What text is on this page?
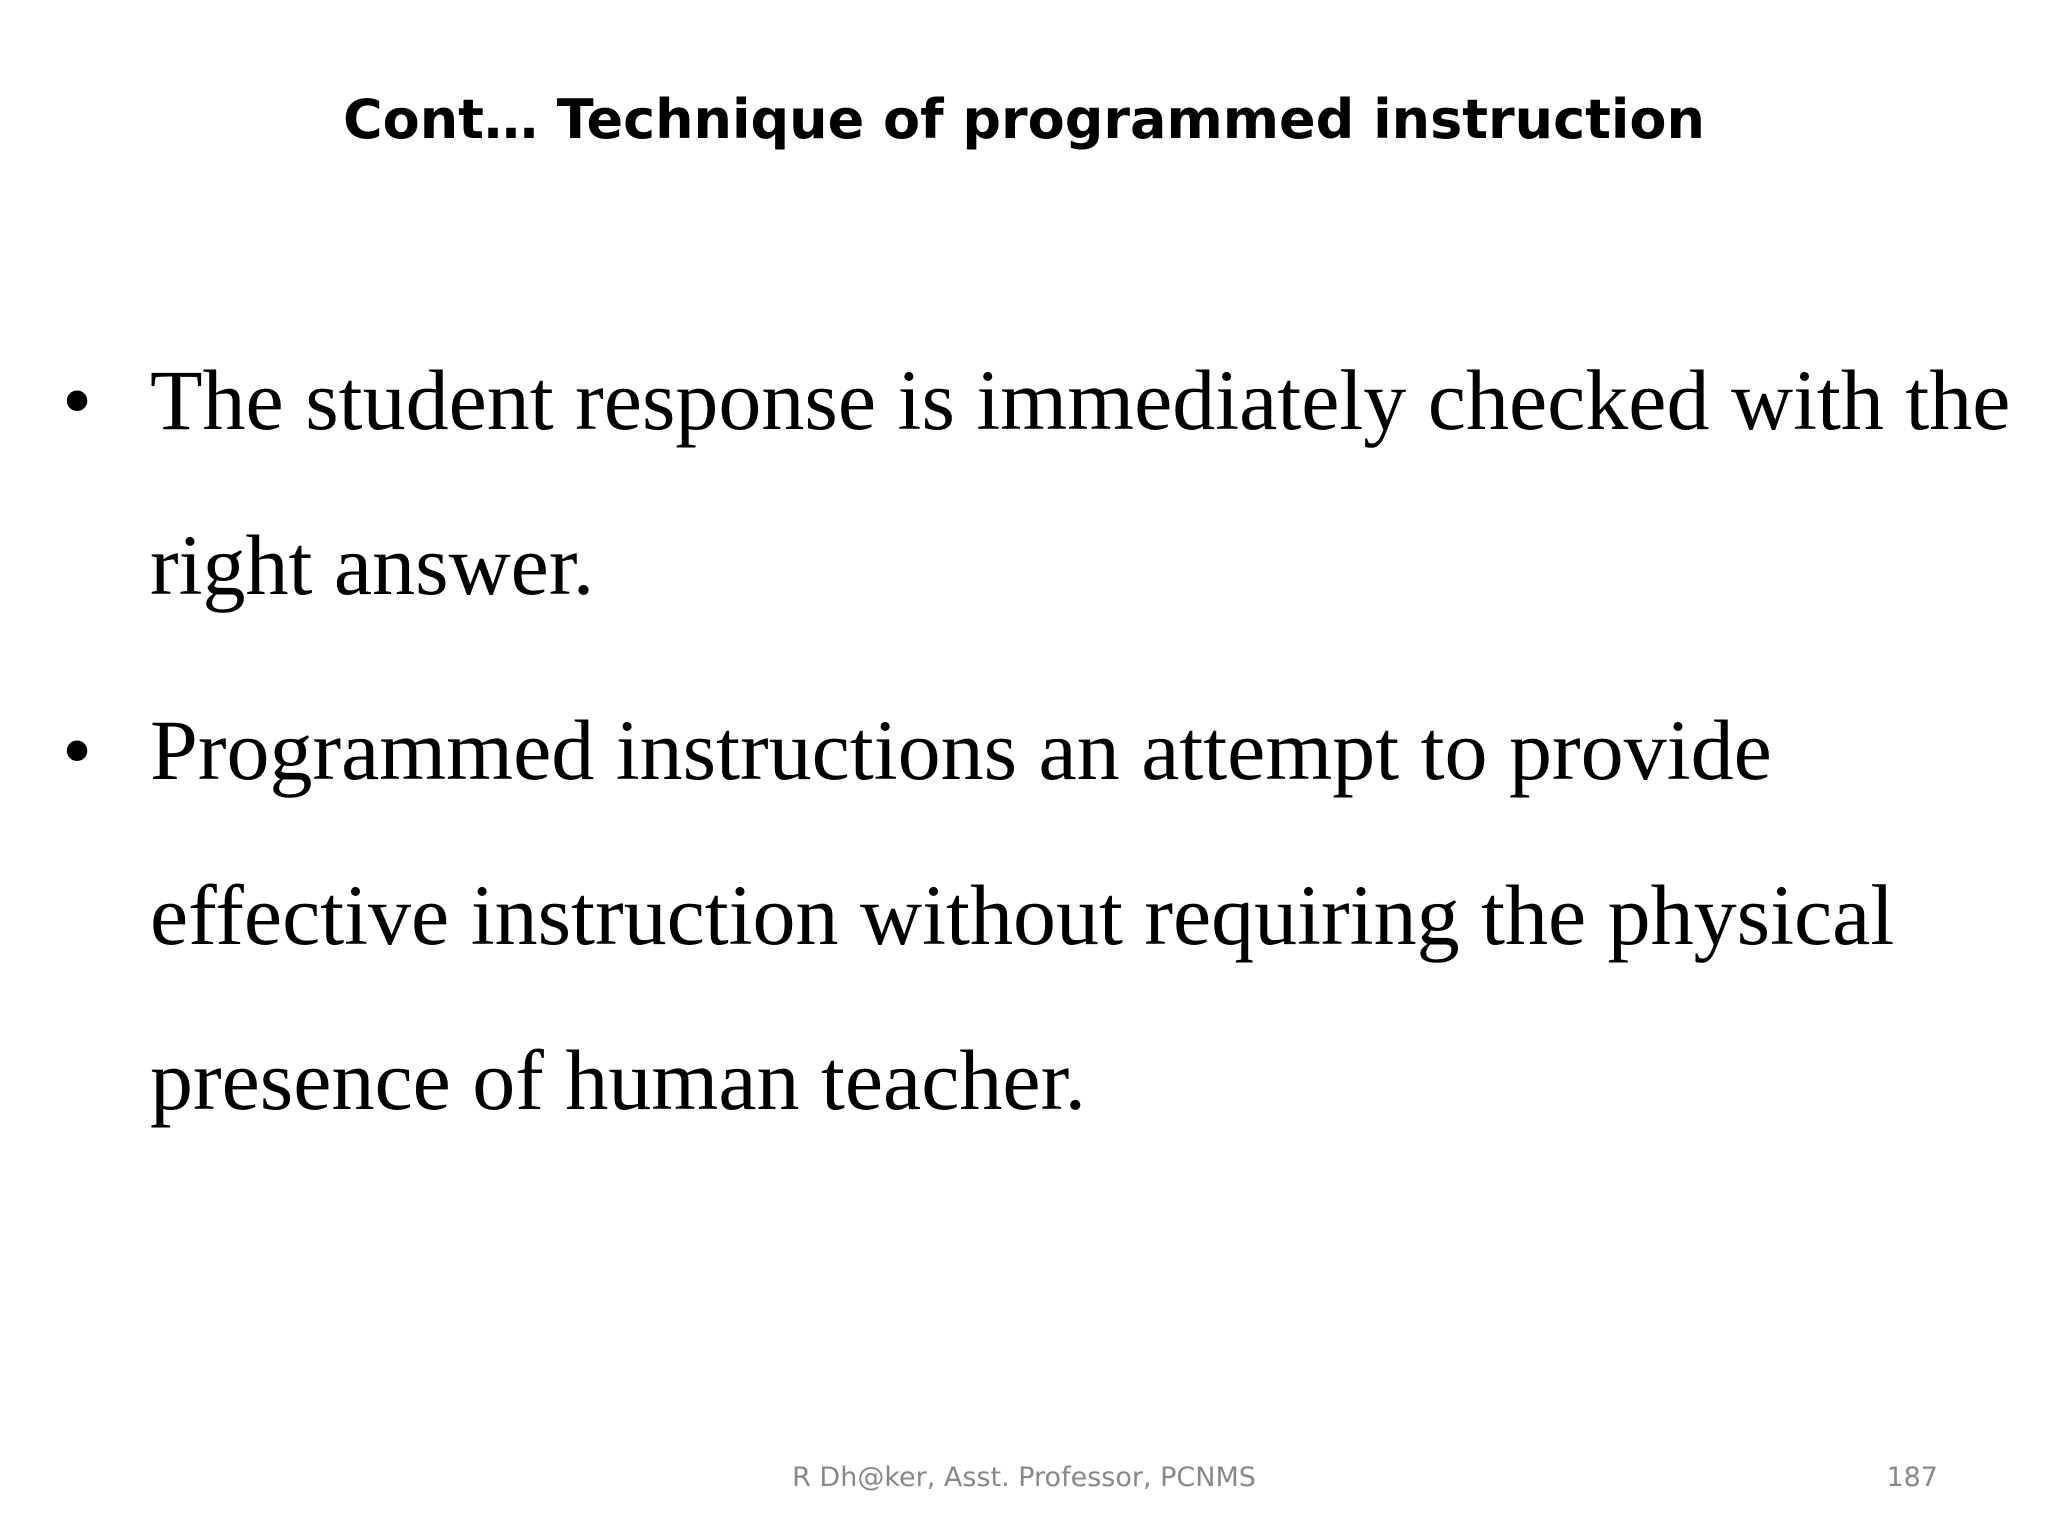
Cont… Technique of programmed instruction
• The student response is immediately checked with the right answer.
• Programmed instructions an attempt to provide effective instruction without requiring the physical presence of human teacher.
R Dh@ker, Asst. Professor, PCNMS	187
